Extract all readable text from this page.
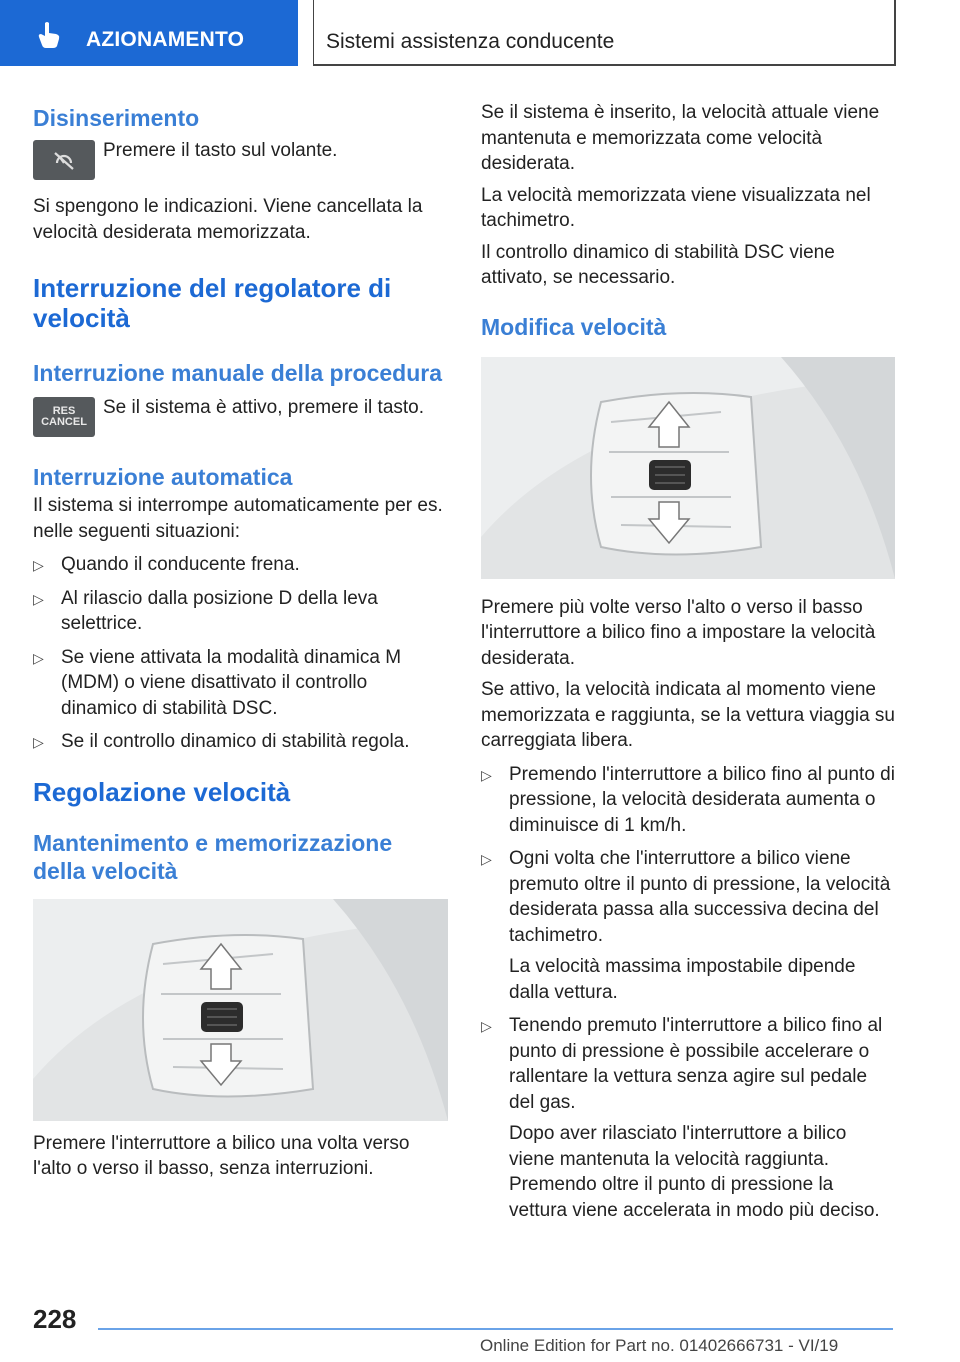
AZIONAMENTO	Sistemi assistenza conducente
Disinserimento

Premere il tasto sul volante.

Si spengono le indicazioni. Viene cancellata la velocità desiderata memorizzata.

Interruzione del regolatore di velocità
Interruzione manuale della procedura
RES
CANCEL

Se il sistema è attivo, premere il tasto.

Interruzione automatica

Il sistema si interrompe automaticamente per es. nelle seguenti situazioni:

▷ Quando il conducente frena.
▷ Al rilascio dalla posizione D della leva selettrice.
▷ Se viene attivata la modalità dinamica M (MDM) o viene disattivato il controllo dinamico di stabilità DSC.
▷ Se il controllo dinamico di stabilità regola.
Regolazione velocità
Mantenimento e memorizzazione della velocità

Premere l'interruttore a bilico una volta verso l'alto o verso il basso, senza interruzioni.

Se il sistema è inserito, la velocità attuale viene mantenuta e memorizzata come velocità desiderata.

La velocità memorizzata viene visualizzata nel tachimetro.

Il controllo dinamico di stabilità DSC viene attivato, se necessario.

Modifica velocità

Premere più volte verso l'alto o verso il basso l'interruttore a bilico fino a impostare la velocità desiderata.

Se attivo, la velocità indicata al momento viene memorizzata e raggiunta, se la vettura viaggia su carreggiata libera.

▷ Premendo l'interruttore a bilico fino al punto di pressione, la velocità desiderata aumenta o diminuisce di 1 km/h.
▷ Ogni volta che l'interruttore a bilico viene premuto oltre il punto di pressione, la velocità desiderata passa alla successiva decina del tachimetro.

La velocità massima impostabile dipende dalla vettura.

▷ Tenendo premuto l'interruttore a bilico fino al punto di pressione è possibile accelerare o rallentare la vettura senza agire sul pedale del gas.

Dopo aver rilasciato l'interruttore a bilico viene mantenuta la velocità raggiunta. Premendo oltre il punto di pressione la vettura viene accelerata in modo più deciso.

228
Online Edition for Part no. 01402666731 - VI/19
